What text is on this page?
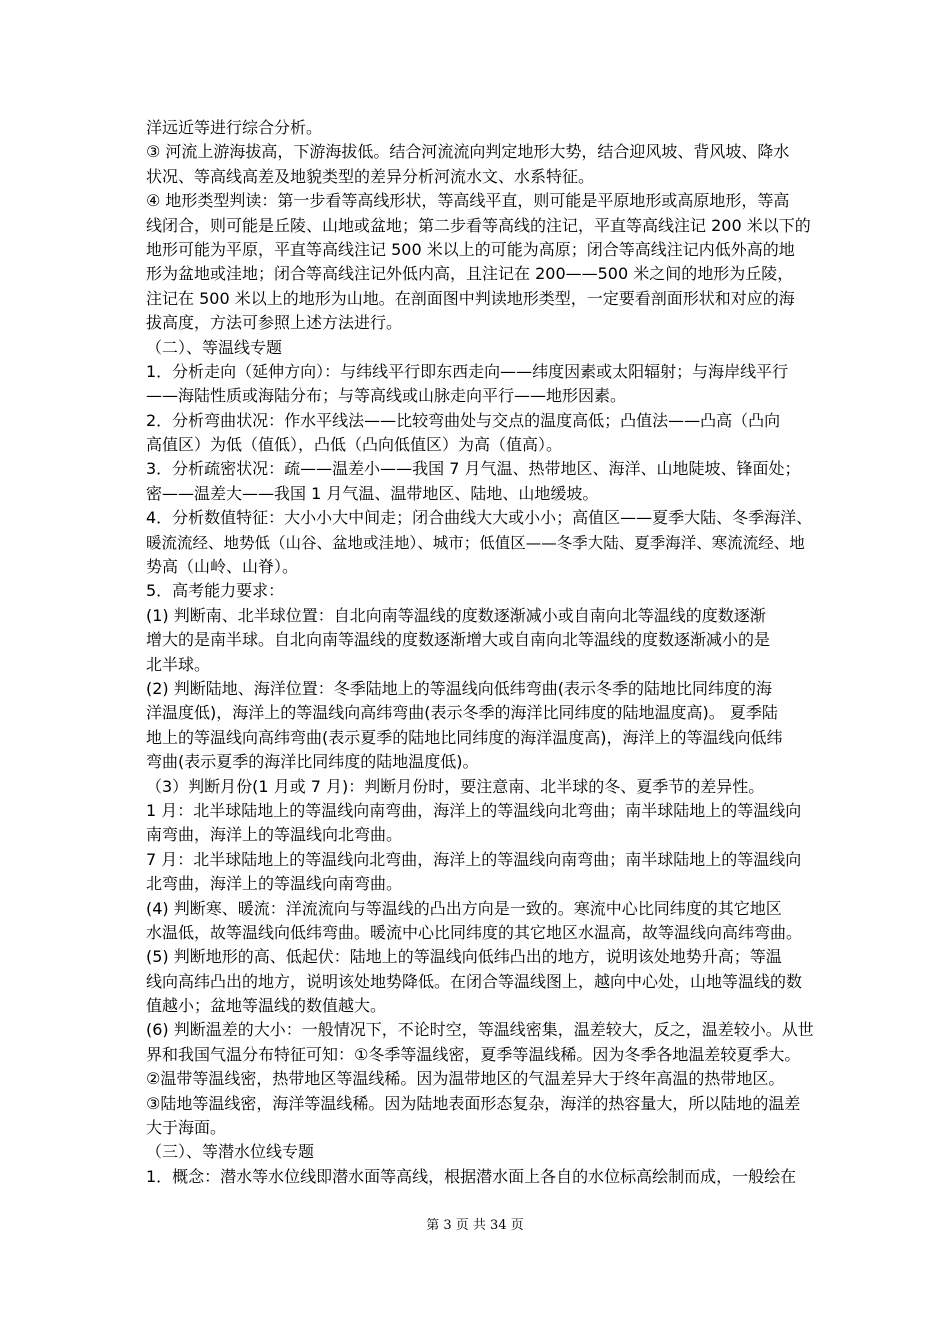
洋远近等进行综合分析。
③ 河流上游海拔高，下游海拔低。结合河流流向判定地形大势，结合迎风坡、背风坡、降水
状况、等高线高差及地貌类型的差异分析河流水文、水系特征。
④ 地形类型判读：第一步看等高线形状，等高线平直，则可能是平原地形或高原地形，等高
线闭合，则可能是丘陵、山地或盆地；第二步看等高线的注记，平直等高线注记 200 米以下的
地形可能为平原，平直等高线注记 500 米以上的可能为高原；闭合等高线注记内低外高的地
形为盆地或洼地；闭合等高线注记外低内高，且注记在 200——500 米之间的地形为丘陵，
注记在 500 米以上的地形为山地。在剖面图中判读地形类型，一定要看剖面形状和对应的海
拔高度，方法可参照上述方法进行。
（二）、等温线专题
1．分析走向（延伸方向）：与纬线平行即东西走向——纬度因素或太阳辐射；与海岸线平行
——海陆性质或海陆分布；与等高线或山脉走向平行——地形因素。
2．分析弯曲状况：作水平线法——比较弯曲处与交点的温度高低；凸值法——凸高（凸向
高值区）为低（值低），凸低（凸向低值区）为高（值高）。
3．分析疏密状况：疏——温差小——我国 7 月气温、热带地区、海洋、山地陡坡、锋面处；
密——温差大——我国 1 月气温、温带地区、陆地、山地缓坡。
4．分析数值特征：大小小大中间走；闭合曲线大大或小小；高值区——夏季大陆、冬季海洋、
暖流流经、地势低（山谷、盆地或洼地）、城市；低值区——冬季大陆、夏季海洋、寒流流经、地
势高（山岭、山脊）。
5．高考能力要求：
(1) 判断南、北半球位置：自北向南等温线的度数逐渐减小或自南向北等温线的度数逐渐
增大的是南半球。自北向南等温线的度数逐渐增大或自南向北等温线的度数逐渐减小的是
北半球。
(2) 判断陆地、海洋位置：冬季陆地上的等温线向低纬弯曲(表示冬季的陆地比同纬度的海
洋温度低)，海洋上的等温线向高纬弯曲(表示冬季的海洋比同纬度的陆地温度高)。 夏季陆
地上的等温线向高纬弯曲(表示夏季的陆地比同纬度的海洋温度高)，海洋上的等温线向低纬
弯曲(表示夏季的海洋比同纬度的陆地温度低)。
（3）判断月份(1 月或 7 月)：判断月份时，要注意南、北半球的冬、夏季节的差异性。
1 月：北半球陆地上的等温线向南弯曲，海洋上的等温线向北弯曲；南半球陆地上的等温线向
南弯曲，海洋上的等温线向北弯曲。
7 月：北半球陆地上的等温线向北弯曲，海洋上的等温线向南弯曲；南半球陆地上的等温线向
北弯曲，海洋上的等温线向南弯曲。
(4) 判断寒、暖流：洋流流向与等温线的凸出方向是一致的。寒流中心比同纬度的其它地区
水温低，故等温线向低纬弯曲。暖流中心比同纬度的其它地区水温高，故等温线向高纬弯曲。
(5) 判断地形的高、低起伏：陆地上的等温线向低纬凸出的地方，说明该处地势升高；等温
线向高纬凸出的地方，说明该处地势降低。在闭合等温线图上，越向中心处，山地等温线的数
值越小；盆地等温线的数值越大。
(6) 判断温差的大小：一般情况下，不论时空，等温线密集，温差较大，反之，温差较小。从世
界和我国气温分布特征可知：①冬季等温线密，夏季等温线稀。因为冬季各地温差较夏季大。
②温带等温线密，热带地区等温线稀。因为温带地区的气温差异大于终年高温的热带地区。
③陆地等温线密，海洋等温线稀。因为陆地表面形态复杂，海洋的热容量大，所以陆地的温差
大于海面。
（三）、等潜水位线专题
1．概念：潜水等水位线即潜水面等高线，根据潜水面上各自的水位标高绘制而成，一般绘在
第 3 页 共 34 页
